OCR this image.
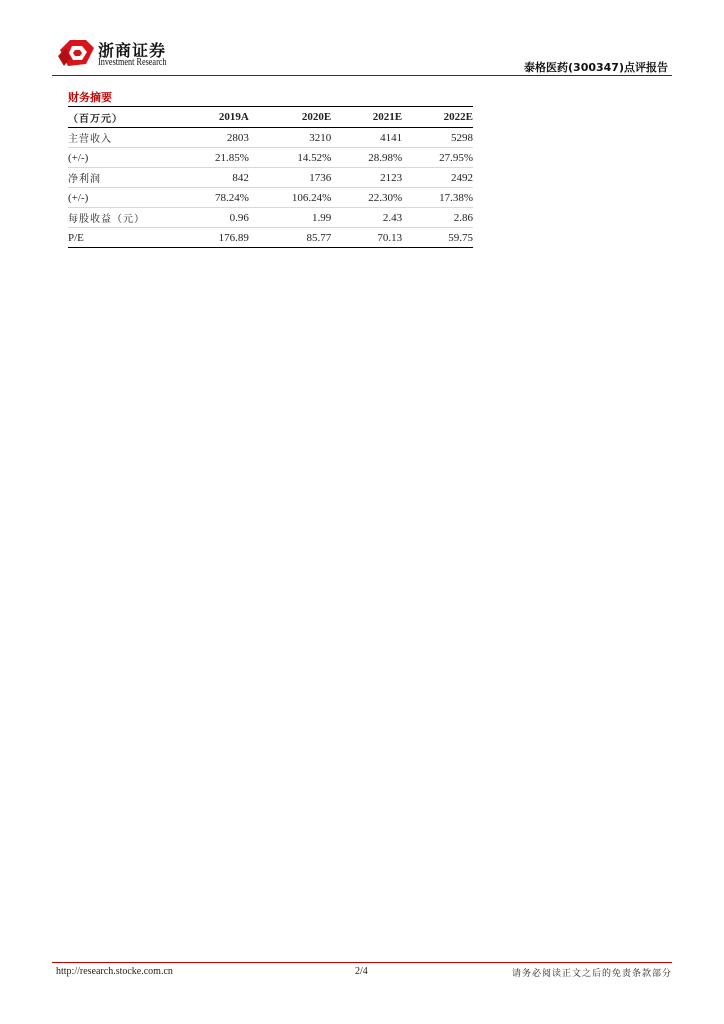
浙商证券
Investment Research	泰格医药(300347)点评报告
财务摘要
（百万元）	2019A	2020E	2021E	2022E
主营收入	2803	3210	4141	5298
(+/-)	21.85%	14.52%	28.98%	27.95%
净利润	842	1736	2123	2492
(+/-)	78.24%	106.24%	22.30%	17.38%
每股收益（元）	0.96	1.99	2.43	2.86
P/E	176.89	85.77	70.13	59.75
http://research.stocke.com.cn	2/4	请务必阅读正文之后的免责条款部分
